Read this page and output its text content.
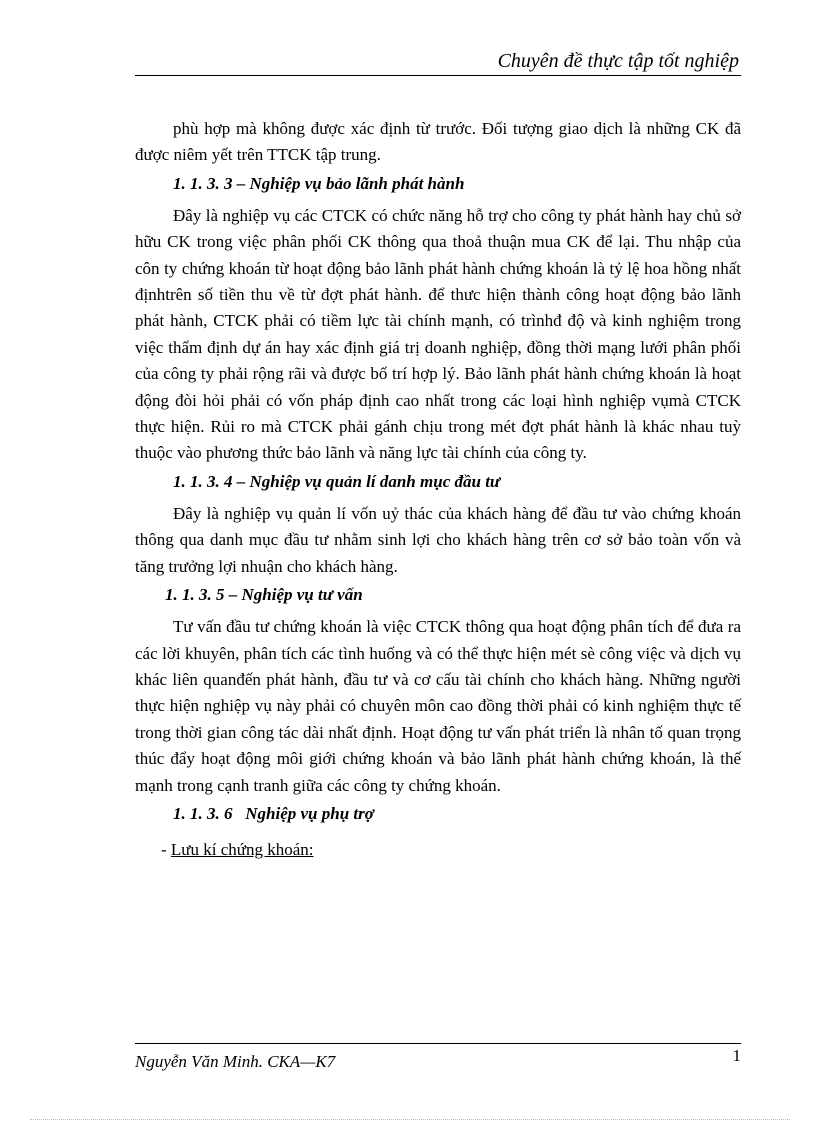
Chuyên đề thực tập tốt nghiệp

phù hợp mà không được xác định từ trước. Đối tượng giao dịch là những CK đã được niêm yết trên TTCK tập trung.

1. 1. 3. 3 – Nghiệp vụ bảo lãnh phát hành

Đây là nghiệp vụ các CTCK có chức năng hỗ trợ cho công ty phát hành hay chủ sở hữu CK trong việc phân phối CK thông qua thoả thuận mua CK để lại. Thu nhập của côn ty chứng khoán từ hoạt động bảo lãnh phát hành chứng khoán là tỷ lệ hoa hồng nhất địnhtrên số tiền thu về từ đợt phát hành. để thưc hiện thành công hoạt động bảo lãnh phát hành, CTCK phải có tiềm lực tài chính mạnh, có trìnhđ độ và kinh nghiệm trong việc thẩm định dự án hay xác định giá trị doanh nghiệp, đồng thời mạng lưới phân phối của công ty phải rộng rãi và được bố trí hợp lý. Bảo lãnh phát hành chứng khoán là hoạt động đòi hỏi phải có vốn pháp định cao nhất trong các loại hình nghiệp vụmà CTCK thực hiện. Rủi ro mà CTCK phải gánh chịu trong mét đợt phát hành là khác nhau tuỳ thuộc vào phương thức bảo lãnh và năng lực tài chính của công ty.

1. 1. 3. 4 – Nghiệp vụ quản lí danh mục đầu tư

Đây là nghiệp vụ quản lí vốn uỷ thác của khách hàng để đầu tư vào chứng khoán thông qua danh mục đầu tư nhằm sinh lợi cho khách hàng trên cơ sở bảo toàn vốn và tăng trưởng lợi nhuận cho khách hàng.

1. 1. 3. 5 – Nghiệp vụ tư vấn

Tư vấn đầu tư chứng khoán là việc CTCK thông qua hoạt động phân tích để đưa ra các lời khuyên, phân tích các tình huống và có thể thực hiện mét sè công việc và dịch vụ khác liên quanđến phát hành, đầu tư và cơ cấu tài chính cho khách hàng. Những người thực hiện nghiệp vụ này phải có chuyên môn cao đồng thời phải có kinh nghiệm thực tế trong thời gian công tác dài nhất định. Hoạt động tư vấn phát triển là nhân tố quan trọng thúc đẩy hoạt động môi giới chứng khoán và bảo lãnh phát hành chứng khoán, là thế mạnh trong cạnh tranh giữa các công ty chứng khoán.

1. 1. 3. 6   Nghiệp vụ phụ trợ
- Lưu kí chứng khoán:
Nguyễn Văn Minh. CKA—K7	1
